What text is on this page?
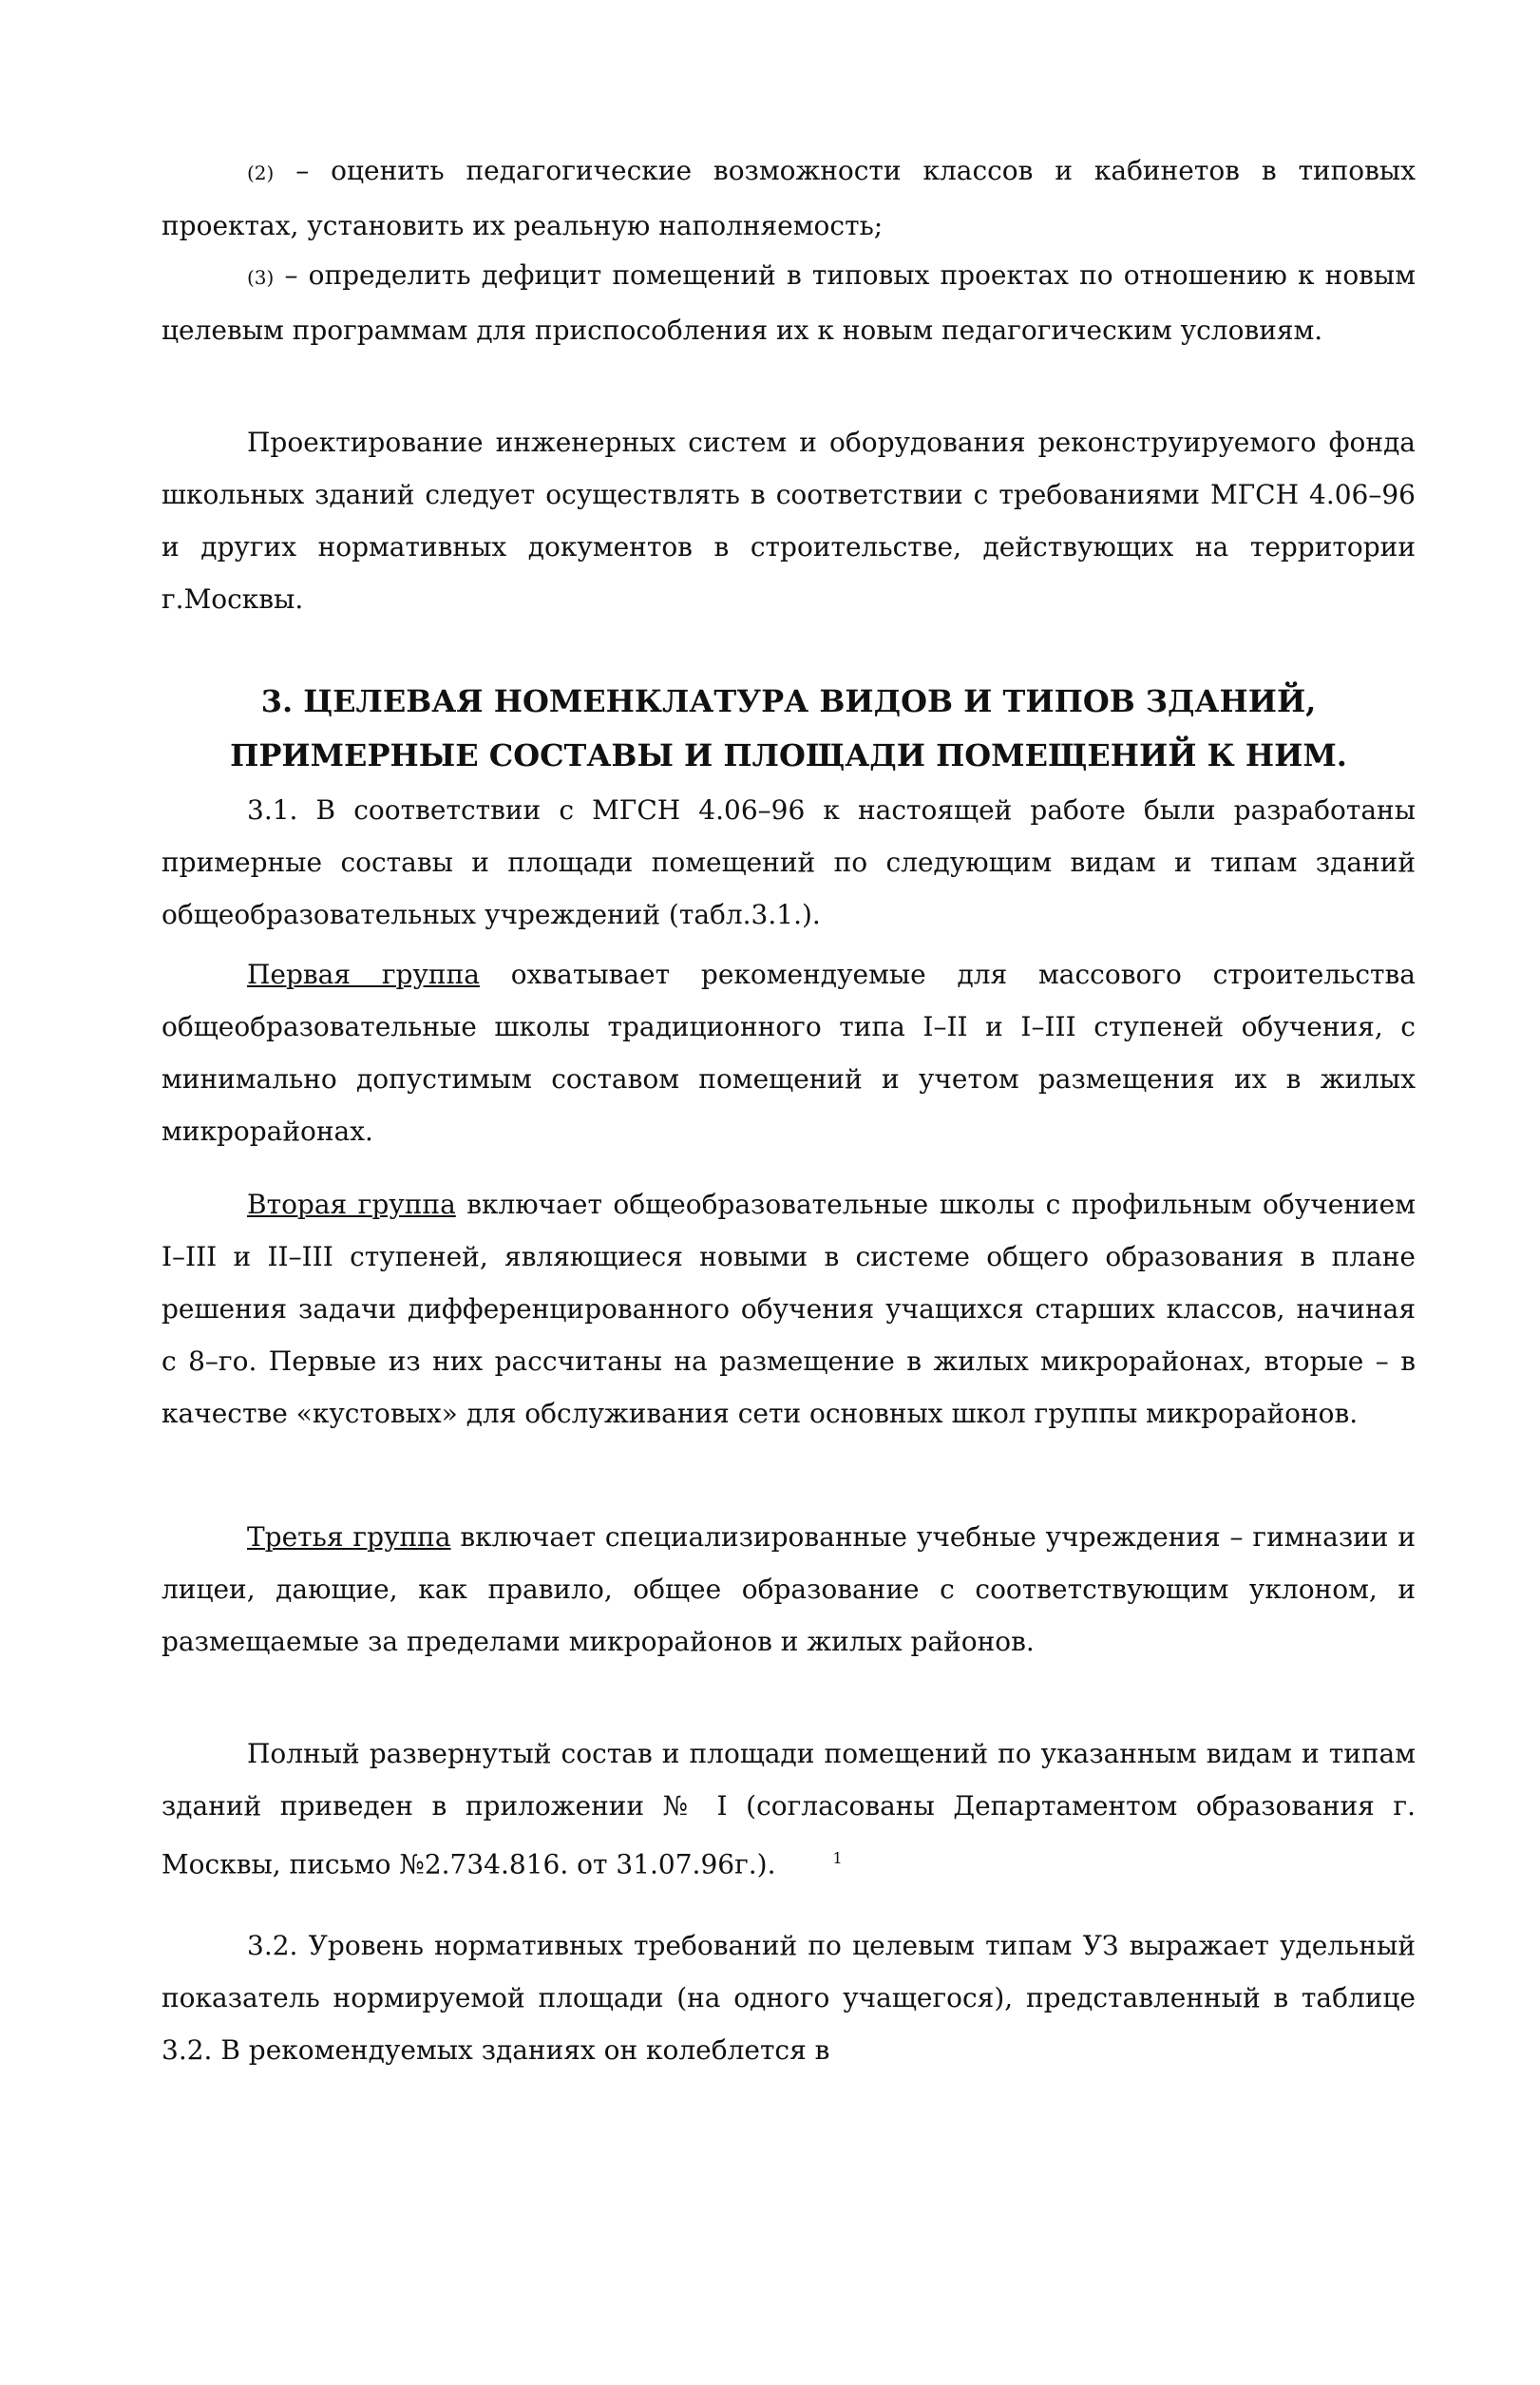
(2) – оценить педагогические возможности классов и кабинетов в типовых проектах, установить их реальную наполняемость;

(3) – определить дефицит помещений в типовых проектах по отношению к новым целевым программам для приспособления их к новым педагогическим условиям.

Проектирование инженерных систем и оборудования реконструируемого фонда школьных зданий следует осуществлять в соответствии с требованиями МГСН 4.06–96 и других нормативных документов в строительстве, действующих на территории г.Москвы.

3. ЦЕЛЕВАЯ НОМЕНКЛАТУРА ВИДОВ И ТИПОВ ЗДАНИЙ,
ПРИМЕРНЫЕ СОСТАВЫ И ПЛОЩАДИ ПОМЕЩЕНИЙ К НИМ.

3.1. В соответствии с МГСН 4.06–96 к настоящей работе были разработаны примерные составы и площади помещений по следующим видам и типам зданий общеобразовательных учреждений (табл.3.1.).

Первая группа охватывает рекомендуемые для массового строительства общеобразовательные школы традиционного типа I–II и I–III ступеней обучения, с минимально допустимым составом помещений и учетом размещения их в жилых микрорайонах.

Вторая группа включает общеобразовательные школы с профильным обучением I–III и II–III ступеней, являющиеся новыми в системе общего образования в плане решения задачи дифференцированного обучения учащихся старших классов, начиная с 8–го. Первые из них рассчитаны на размещение в жилых микрорайонах, вторые – в качестве «кустовых» для обслуживания сети основных школ группы микрорайонов.

Третья группа включает специализированные учебные учреждения – гимназии и лицеи, дающие, как правило, общее образование с соответствующим уклоном, и размещаемые за пределами микрорайонов и жилых районов.

Полный развернутый состав и площади помещений по указанным видам и типам зданий приведен в приложении № I (согласованы Департаментом образования г. Москвы, письмо №2.734.816. от 31.07.96г.).	$^1$

3.2. Уровень нормативных требований по целевым типам УЗ выражает удельный показатель нормируемой площади (на одного учащегося), представленный в таблице 3.2. В рекомендуемых зданиях он колеблется в
